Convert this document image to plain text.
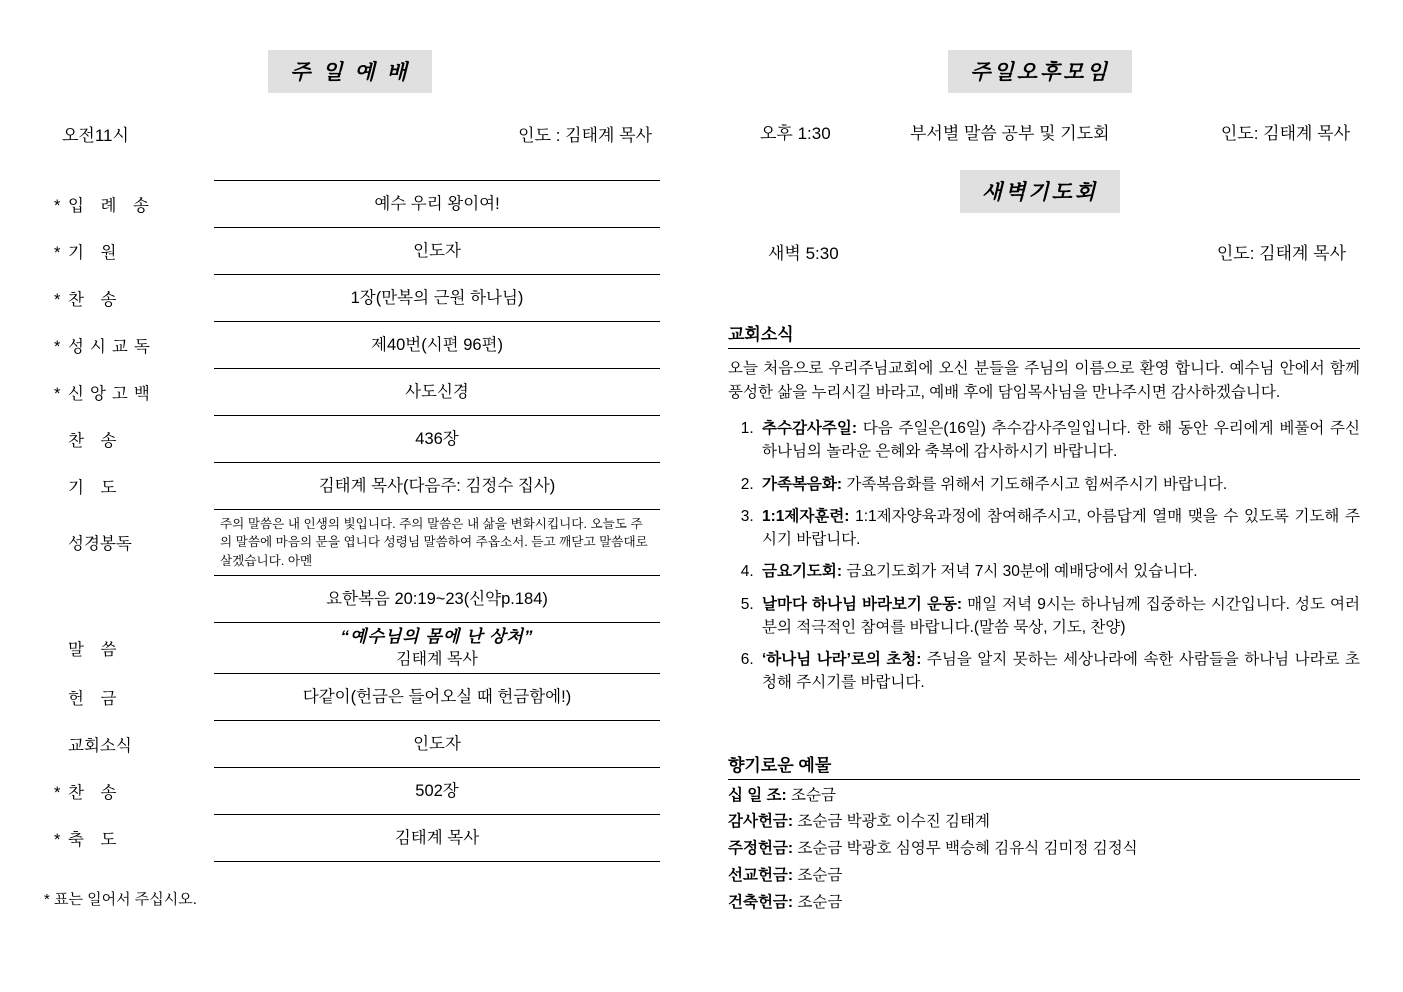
주 일 예 배
오전11시	인도 : 김태계 목사
* 입 례 송	예수 우리 왕이여!
* 기 원	인도자
* 찬 송	1장(만복의 근원 하나님)
* 성시교독	제40번(시편 96편)
* 신앙고백	사도신경
찬 송	436장
기 도	김태계 목사(다음주: 김정수 집사)
성경봉독	주의 말씀은 내 인생의 빛입니다. 주의 말씀은 내 삶을 변화시킵니다. 오늘도 주의 말씀에 마음의 문을 엽니다 성령님 말씀하여 주옵소서. 듣고 깨닫고 말씀대로 살겠습니다. 아멘
	요한복음 20:19~23(신약p.184)
말 씀	“예수님의 몸에 난 상처”
김태계 목사

헌 금	다같이(헌금은 들어오실 때 헌금함에!)
교회소식	인도자
* 찬 송	502장
* 축 도	김태계 목사
* 표는 일어서 주십시오.
주일오후모임
오후 1:30	부서별 말씀 공부 및 기도회	인도: 김태계 목사
새벽기도회
새벽 5:30	인도: 김태계 목사
교회소식
오늘 처음으로 우리주님교회에 오신 분들을 주님의 이름으로 환영 합니다. 예수님 안에서 함께 풍성한 삶을 누리시길 바라고, 예배 후에 담임목사님을 만나주시면 감사하겠습니다.
1. 추수감사주일: 다음 주일은(16일) 추수감사주일입니다. 한 해 동안 우리에게 베풀어 주신 하나님의 놀라운 은혜와 축복에 감사하시기 바랍니다.
2. 가족복음화: 가족복음화를 위해서 기도해주시고 힘써주시기 바랍니다.
3. 1:1제자훈련: 1:1제자양육과정에 참여해주시고, 아름답게 열매 맺을 수 있도록 기도해 주시기 바랍니다.
4. 금요기도회: 금요기도회가 저녁 7시 30분에 예배당에서 있습니다.
5. 날마다 하나님 바라보기 운동: 매일 저녁 9시는 하나님께 집중하는 시간입니다. 성도 여러분의 적극적인 참여를 바랍니다.(말씀 묵상, 기도, 찬양)
6. ‘하나님 나라’로의 초청: 주님을 알지 못하는 세상나라에 속한 사람들을 하나님 나라로 초청해 주시기를 바랍니다.
향기로운 예물
십 일 조: 조순금
감사헌금: 조순금 박광호 이수진 김태계
주정헌금: 조순금 박광호 심영무 백승혜 김유식 김미정 김정식
선교헌금: 조순금
건축헌금: 조순금
